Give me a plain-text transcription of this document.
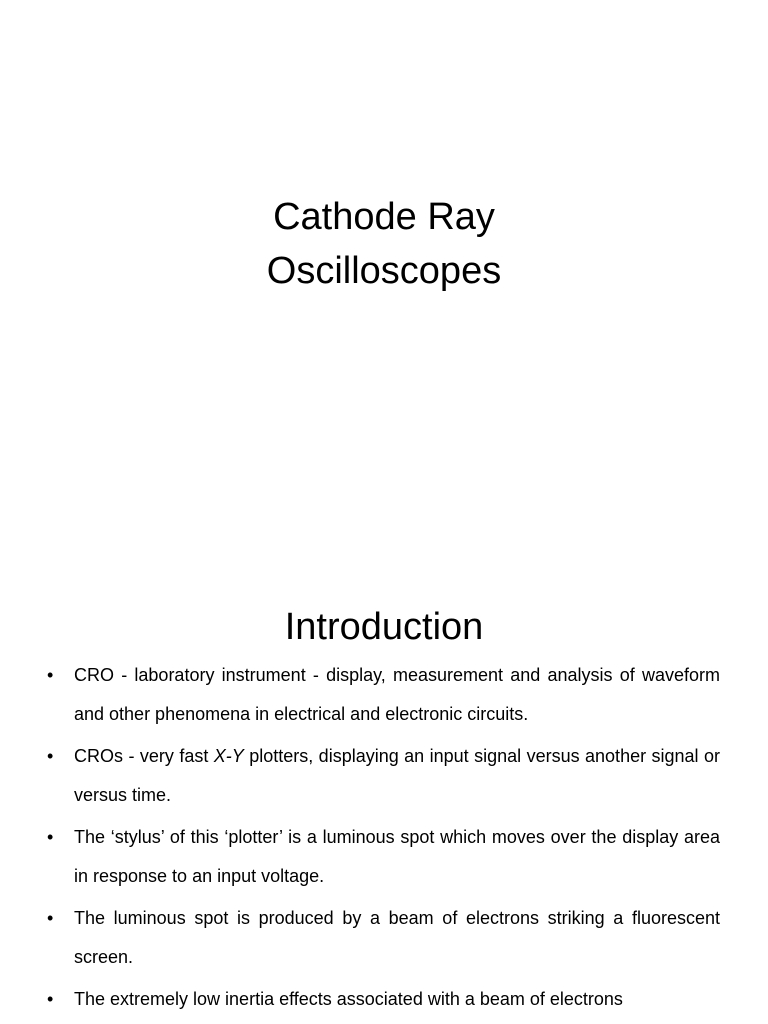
Cathode Ray
Oscilloscopes
Introduction
• CRO - laboratory instrument - display, measurement and analysis of waveform and other phenomena in electrical and electronic circuits.
• CROs - very fast X-Y plotters, displaying an input signal versus another signal or versus time.
• The ‘stylus’ of this ‘plotter’ is a luminous spot which moves over the display area in response to an input voltage.
• The luminous spot is produced by a beam of electrons striking a fluorescent screen.
• The extremely low inertia effects associated with a beam of electrons
